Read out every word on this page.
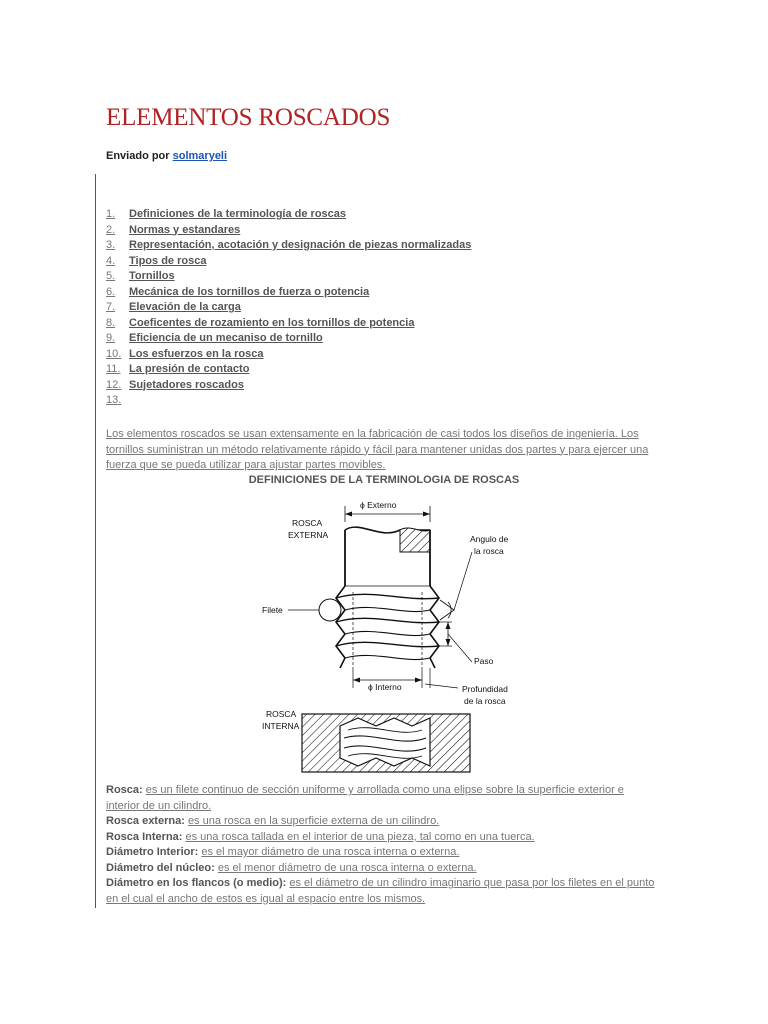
ELEMENTOS ROSCADOS
Enviado por solmaryeli
1. Definiciones de la terminología de roscas
2. Normas y estandares
3. Representación, acotación y designación de piezas normalizadas
4. Tipos de rosca
5. Tornillos
6. Mecánica de los tornillos de fuerza o potencia
7. Elevación de la carga
8. Coeficentes de rozamiento en los tornillos de potencia
9. Eficiencia de un mecaniso de tornillo
10. Los esfuerzos en la rosca
11. La presión de contacto
12. Sujetadores roscados
13.
Los elementos roscados se usan extensamente en la fabricación de casi todos los diseños de ingeniería. Los tornillos suministran un método relativamente rápido y fácil para mantener unidas dos partes y para ejercer una fuerza que se pueda utilizar para ajustar partes movibles.
DEFINICIONES DE LA TERMINOLOGIA DE ROSCAS
ϕ Externo
Filete
ROSCA
EXTERNA	Angulo de
la rosca
Paso
ϕ Interno	Profundidad
de la rosca
ROSCA
INTERNA

Rosca: es un filete continuo de sección uniforme y arrollada como una elipse sobre la superficie exterior e interior de un cilindro.

Rosca externa: es una rosca en la superficie externa de un cilindro.

Rosca Interna: es una rosca tallada en el interior de una pieza, tal como en una tuerca.

Diámetro Interior: es el mayor diámetro de una rosca interna o externa.

Diámetro del núcleo: es el menor diámetro de una rosca interna o externa.

Diámetro en los flancos (o medio): es el diámetro de un cilindro imaginario que pasa por los filetes en el punto en el cual el ancho de estos es igual al espacio entre los mismos.
